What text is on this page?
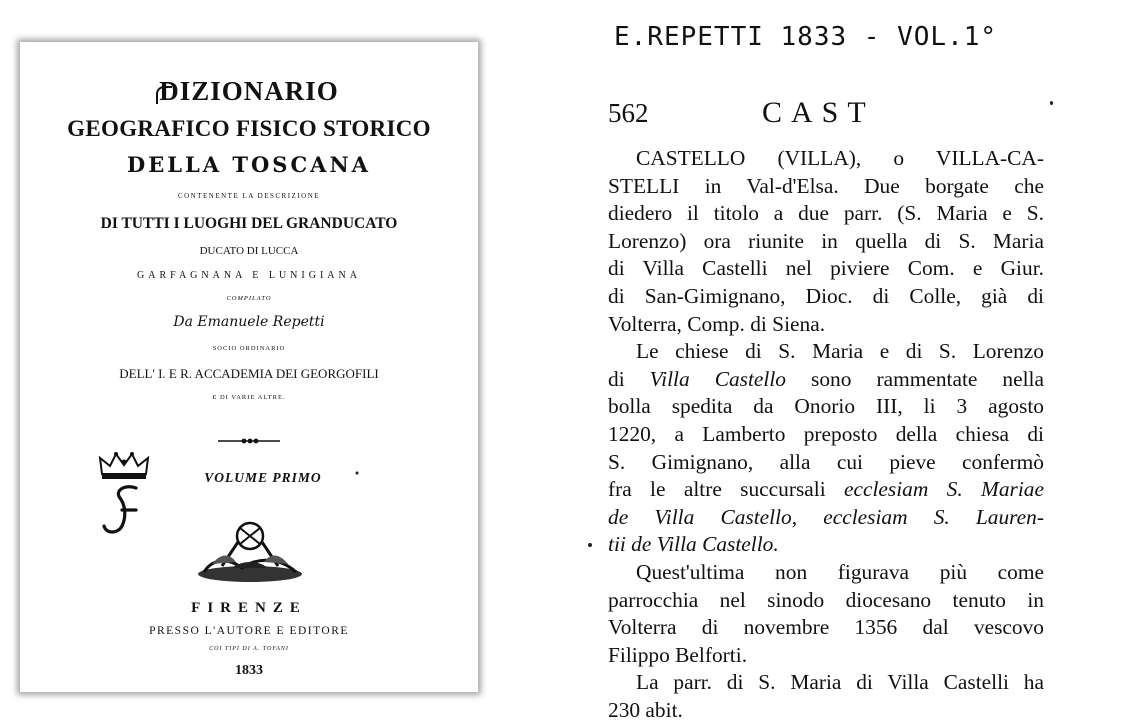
DIZIONARIO
GEOGRAFICO FISICO STORICO
DELLA TOSCANA
CONTENENTE LA DESCRIZIONE
DI TUTTI I LUOGHI DEL GRANDUCATO
DUCATO DI LUCCA
GARFAGNANA E LUNIGIANA
COMPILATO
Da Emanuele Repetti
SOCIO ORDINARIO
DELL' I. E R. ACCADEMIA DEI GEORGOFILI
E DI VARIE ALTRE.
VOLUME PRIMO
FIRENZE
PRESSO L'AUTORE E EDITORE
COI TIPI DI A. TOFANI
1833
E.REPETTI 1833 - VOL.1°
562	CAST
CASTELLO (VILLA), o VILLA-CA-
STELLI in Val-d'Elsa. Due borgate che
diedero il titolo a due parr. (S. Maria e S.
Lorenzo) ora riunite in quella di S. Maria
di Villa Castelli nel piviere Com. e Giur.
di San-Gimignano, Dioc. di Colle, già di
Volterra, Comp. di Siena.
Le chiese di S. Maria e di S. Lorenzo
di Villa Castello sono rammentate nella
bolla spedita da Onorio III, li 3 agosto
1220, a Lamberto preposto della chiesa di
S. Gimignano, alla cui pieve confermò
fra le altre succursali ecclesiam S. Mariae
de Villa Castello, ecclesiam S. Lauren-
tii de Villa Castello.
Quest'ultima non figurava più come
parrocchia nel sinodo diocesano tenuto in
Volterra di novembre 1356 dal vescovo
Filippo Belforti.
La parr. di S. Maria di Villa Castelli ha
230 abit.
